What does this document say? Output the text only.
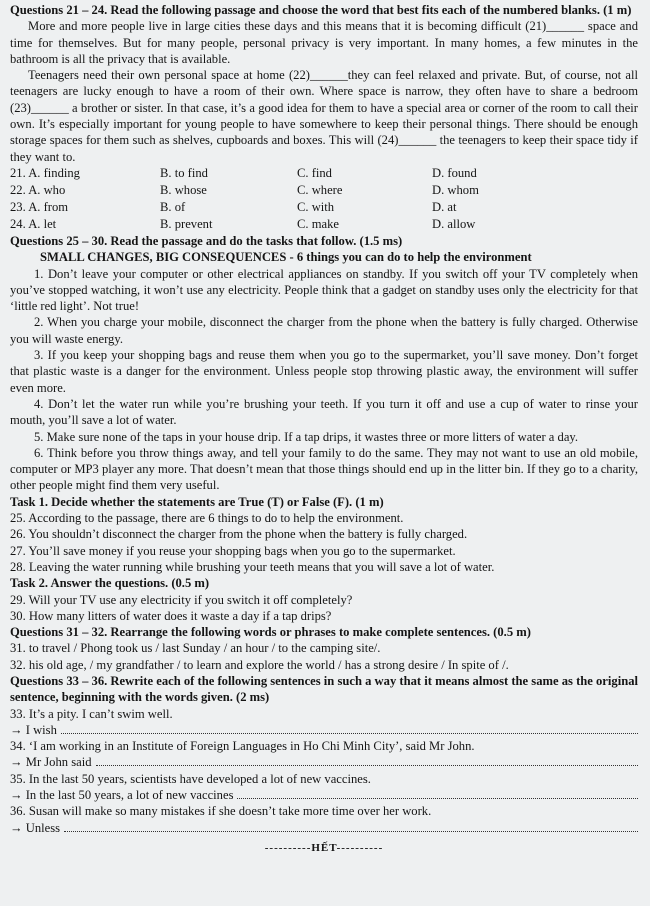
Questions 21 – 24. Read the following passage and choose the word that best fits each of the numbered blanks. (1 m)
More and more people live in large cities these days and this means that it is becoming difficult (21)______ space and time for themselves. But for many people, personal privacy is very important. In many homes, a few minutes in the bathroom is all the privacy that is available.
Teenagers need their own personal space at home (22)______they can feel relaxed and private. But, of course, not all teenagers are lucky enough to have a room of their own. Where space is narrow, they often have to share a bedroom (23)______ a brother or sister. In that case, it’s a good idea for them to have a special area or corner of the room to call their own. It’s especially important for young people to have somewhere to keep their personal things. There should be enough storage spaces for them such as shelves, cupboards and boxes. This will (24)______ the teenagers to keep their space tidy if they want to.
21. A. finding	B. to find	C. find	D. found
22. A. who	B. whose	C. where	D. whom
23. A. from	B. of	C. with	D. at
24. A. let	B. prevent	C. make	D. allow
Questions 25 – 30. Read the passage and do the tasks that follow. (1.5 ms)
SMALL CHANGES, BIG CONSEQUENCES - 6 things you can do to help the environment
1. Don’t leave your computer or other electrical appliances on standby. If you switch off your TV completely when you’ve stopped watching, it won’t use any electricity. People think that a gadget on standby uses only the electricity for that ‘little red light’. Not true!
2. When you charge your mobile, disconnect the charger from the phone when the battery is fully charged. Otherwise you will waste energy.
3. If you keep your shopping bags and reuse them when you go to the supermarket, you’ll save money. Don’t forget that plastic waste is a danger for the environment. Unless people stop throwing plastic away, the environment will suffer even more.
4. Don’t let the water run while you’re brushing your teeth. If you turn it off and use a cup of water to rinse your mouth, you’ll save a lot of water.
5. Make sure none of the taps in your house drip. If a tap drips, it wastes three or more litters of water a day.
6. Think before you throw things away, and tell your family to do the same. They may not want to use an old mobile, computer or MP3 player any more. That doesn’t mean that those things should end up in the litter bin. If they go to a charity, other people might find them very useful.
Task 1. Decide whether the statements are True (T) or False (F). (1 m)
25. According to the passage, there are 6 things to do to help the environment.
26. You shouldn’t disconnect the charger from the phone when the battery is fully charged.
27. You’ll save money if you reuse your shopping bags when you go to the supermarket.
28. Leaving the water running while brushing your teeth means that you will save a lot of water.
Task 2. Answer the questions. (0.5 m)
29. Will your TV use any electricity if you switch it off completely?
30. How many litters of water does it waste a day if a tap drips?
Questions 31 – 32. Rearrange the following words or phrases to make complete sentences. (0.5 m)
31. to travel / Phong took us / last Sunday / an hour / to the camping site/.
32. his old age, / my grandfather / to learn and explore the world / has a strong desire / In spite of /.
Questions 33 – 36. Rewrite each of the following sentences in such a way that it means almost the same as the original sentence, beginning with the words given. (2 ms)
33. It’s a pity. I can’t swim well.
→ I wish
34. ‘I am working in an Institute of Foreign Languages in Ho Chi Minh City’, said Mr John.
→ Mr John said
35. In the last 50 years, scientists have developed a lot of new vaccines.
→ In the last 50 years, a lot of new vaccines
36. Susan will make so many mistakes if she doesn’t take more time over her work.
→ Unless
----------HẾT----------
